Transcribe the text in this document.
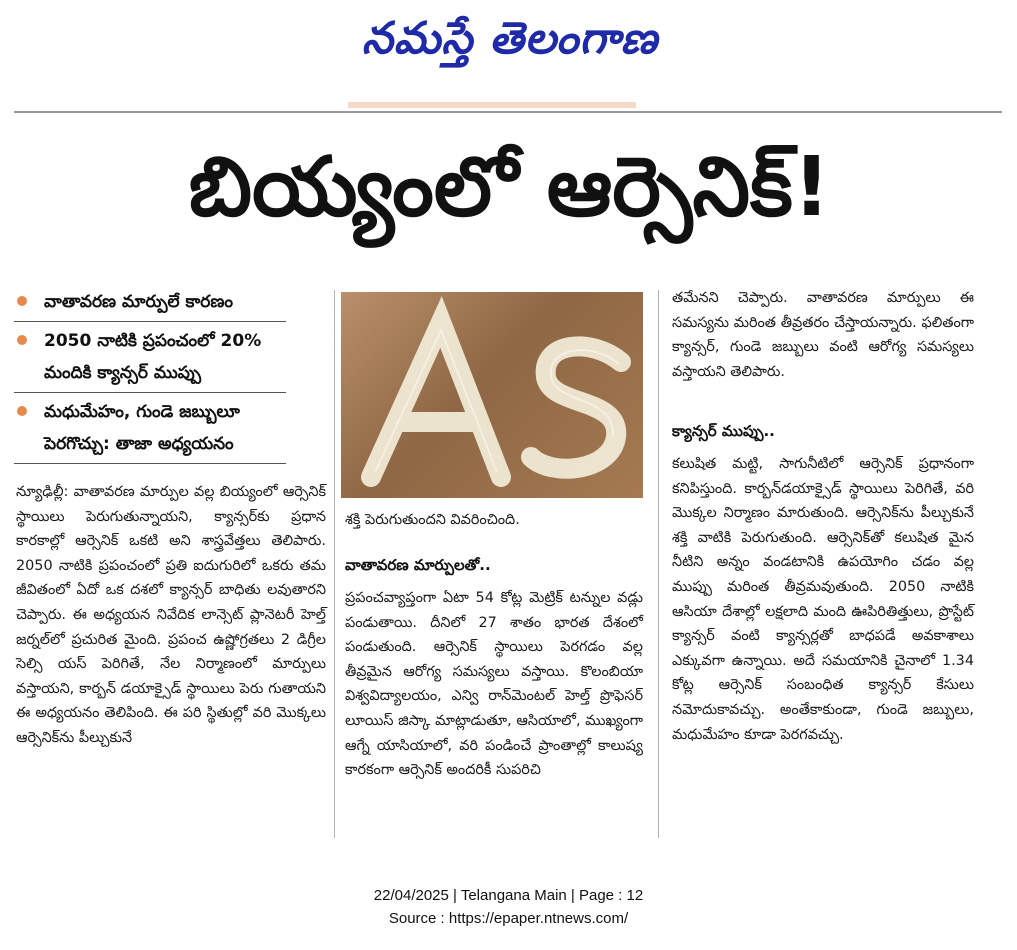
నమస్తే తెలంగాణ
బియ్యంలో ఆర్సెనిక్!
వాతావరణ మార్పులే కారణం
2050 నాటికి ప్రపంచంలో 20% మందికి క్యాన్సర్ ముప్పు
మధుమేహం, గుండె జబ్బులూ పెరగొచ్చు: తాజా అధ్యయనం
న్యూఢిల్లీ: వాతావరణ మార్పుల వల్ల బియ్యంలో ఆర్సెనిక్ స్థాయిలు పెరుగుతున్నాయని, క్యాన్సర్‌కు ప్రధాన కారకాల్లో ఆర్సెనిక్ ఒకటి అని శాస్త్రవేత్తలు తెలిపారు. 2050 నాటికి ప్రపంచంలో ప్రతి ఐదుగురిలో ఒకరు తమ జీవితంలో ఏదో ఒక దశలో క్యాన్సర్ బాధితు లవుతారని చెప్పారు. ఈ అధ్యయన నివేదిక లాన్సెట్ ప్లానెటరీ హెల్త్ జర్నల్‌లో ప్రచురిత మైంది. ప్రపంచ ఉష్ణోగ్రతలు 2 డిగ్రీల సెల్సి యస్ పెరిగితే, నేల నిర్మాణంలో మార్పులు వస్తాయని, కార్బన్ డయాక్సైడ్ స్థాయిలు పెరు గుతాయని ఈ అధ్యయనం తెలిపింది. ఈ పరి స్థితుల్లో వరి మొక్కలు ఆర్సెనిక్‌ను పీల్చుకునే
శక్తి పెరుగుతుందని వివరించింది.
వాతావరణ మార్పులతో..
ప్రపంచవ్యాప్తంగా ఏటా 54 కోట్ల మెట్రిక్ టన్నుల వడ్లు పండుతాయి. దీనిలో 27 శాతం భారత దేశంలో పండుతుంది. ఆర్సెనిక్ స్థాయిలు పెరగడం వల్ల తీవ్రమైన ఆరోగ్య సమస్యలు వస్తాయి. కొలంబియా విశ్వవిద్యాలయం, ఎన్వి రాన్‌మెంటల్ హెల్త్ ప్రొఫెసర్ లూయిస్ జిస్కా మాట్లాడుతూ, ఆసియాలో, ముఖ్యంగా ఆగ్నే యాసియాలో, వరి పండించే ప్రాంతాల్లో కాలుష్య కారకంగా ఆర్సెనిక్ అందరికీ సుపరిచి
తమేనని చెప్పారు. వాతావరణ మార్పులు ఈ సమస్యను మరింత తీవ్రతరం చేస్తాయన్నారు. ఫలితంగా క్యాన్సర్, గుండె జబ్బులు వంటి ఆరోగ్య సమస్యలు వస్తాయని తెలిపారు.
క్యాన్సర్ ముప్పు..
కలుషిత మట్టి, సాగునీటిలో ఆర్సెనిక్ ప్రధానంగా కనిపిస్తుంది. కార్బన్‌డయాక్సైడ్ స్థాయిలు పెరిగితే, వరి మొక్కల నిర్మాణం మారుతుంది. ఆర్సెనిక్‌ను పీల్చుకునే శక్తి వాటికి పెరుగుతుంది. ఆర్సెనిక్‌తో కలుషిత మైన నీటిని అన్నం వండటానికి ఉపయోగిం చడం వల్ల ముప్పు మరింత తీవ్రమవుతుంది. 2050 నాటికి ఆసియా దేశాల్లో లక్షలాది మంది ఊపిరితిత్తులు, ప్రొస్టేట్ క్యాన్సర్ వంటి క్యాన్సర్లతో బాధపడే అవకాశాలు ఎక్కువగా ఉన్నాయి. అదే సమయానికి చైనాలో 1.34 కోట్ల ఆర్సెనిక్ సంబంధిత క్యాన్సర్ కేసులు నమోదుకావచ్చు. అంతేకాకుండా, గుండె జబ్బులు, మధుమేహం కూడా పెరగవచ్చు.
22/04/2025 | Telangana Main | Page : 12
Source : https://epaper.ntnews.com/
